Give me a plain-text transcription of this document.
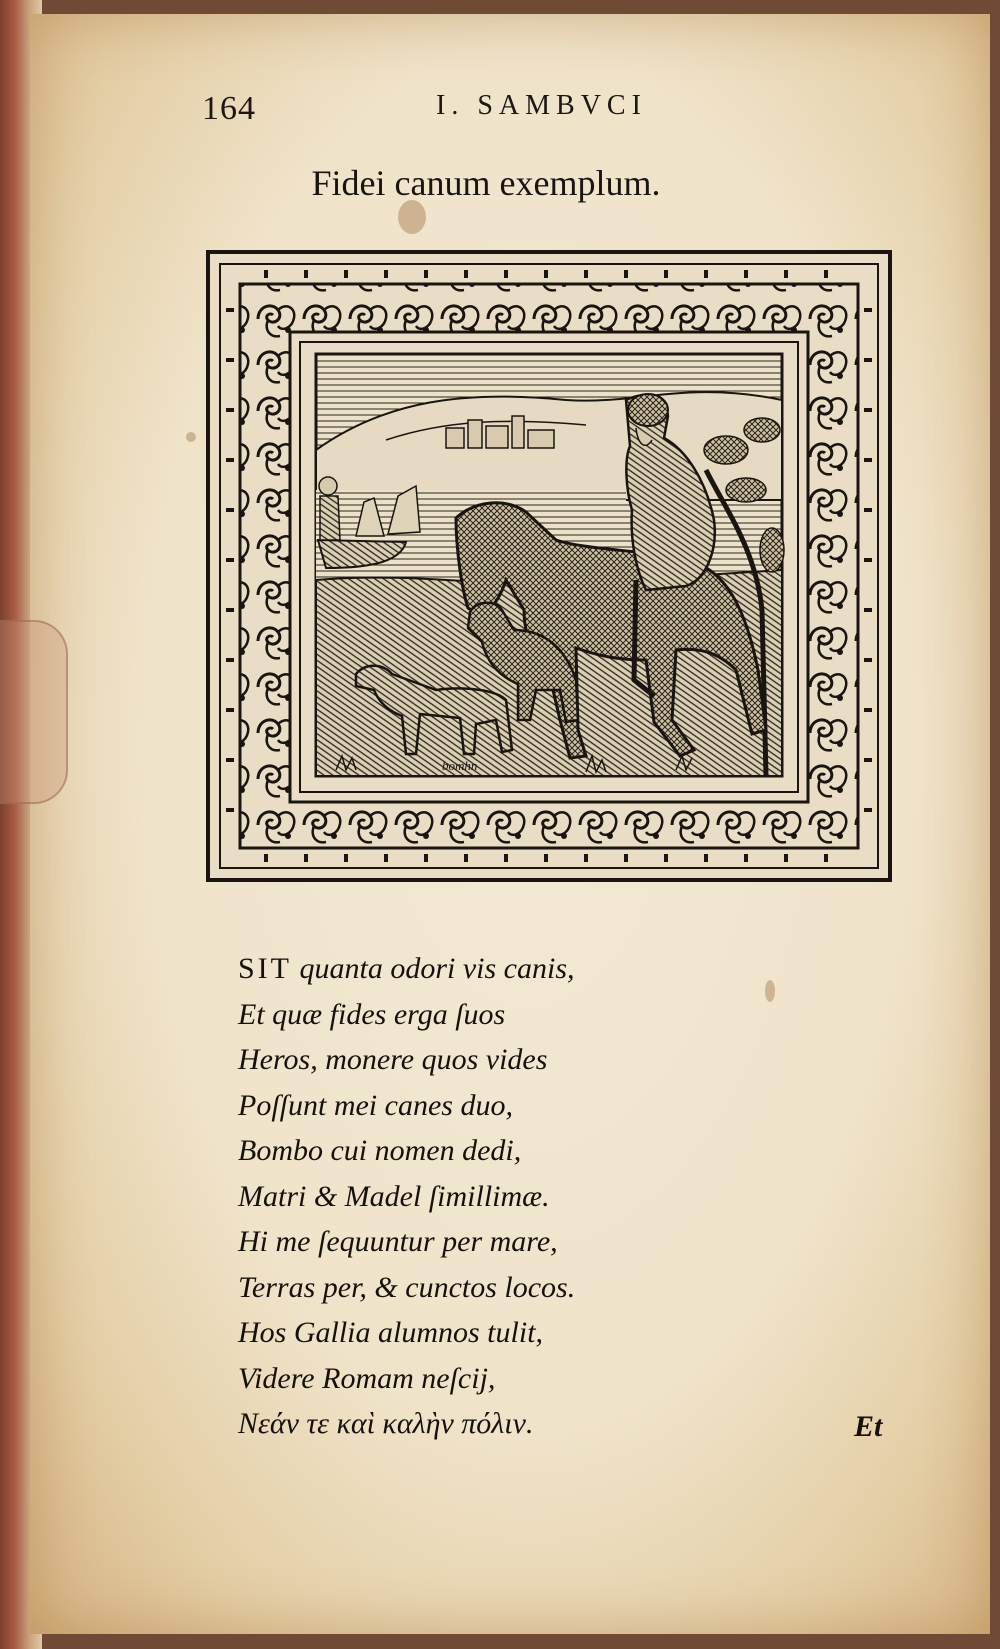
164	I. SAMBVCI
Fidei canum exemplum.
bomhn
SIT quanta odori vis canis,
Et quæ fides erga ſuos
Heros, monere quos vides
Poſſunt mei canes duo,
Bombo cui nomen dedi,
Matri & Madel ſimillimæ.
Hi me ſequuntur per mare,
Terras per, & cunctos locos.
Hos Gallia alumnos tulit,
Videre Romam neſcij,
Νεάν τε καὶ καλὴν πόλιν.	Et
